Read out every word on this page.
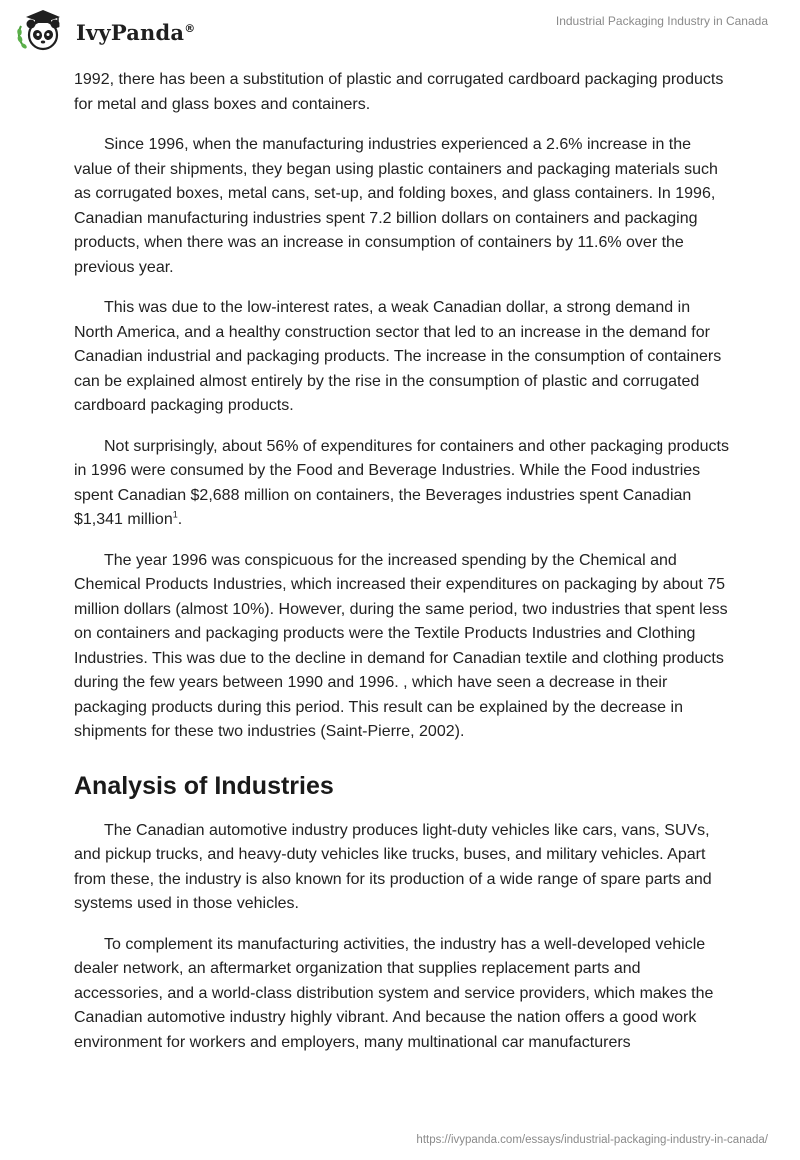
IvyPanda®	Industrial Packaging Industry in Canada

1992, there has been a substitution of plastic and corrugated cardboard packaging products for metal and glass boxes and containers.

Since 1996, when the manufacturing industries experienced a 2.6% increase in the value of their shipments, they began using plastic containers and packaging materials such as corrugated boxes, metal cans, set-up, and folding boxes, and glass containers. In 1996, Canadian manufacturing industries spent 7.2 billion dollars on containers and packaging products, when there was an increase in consumption of containers by 11.6% over the previous year.

This was due to the low-interest rates, a weak Canadian dollar, a strong demand in North America, and a healthy construction sector that led to an increase in the demand for Canadian industrial and packaging products. The increase in the consumption of containers can be explained almost entirely by the rise in the consumption of plastic and corrugated cardboard packaging products.

Not surprisingly, about 56% of expenditures for containers and other packaging products in 1996 were consumed by the Food and Beverage Industries. While the Food industries spent Canadian $2,688 million on containers, the Beverages industries spent Canadian $1,341 million$^1$.

The year 1996 was conspicuous for the increased spending by the Chemical and Chemical Products Industries, which increased their expenditures on packaging by about 75 million dollars (almost 10%). However, during the same period, two industries that spent less on containers and packaging products were the Textile Products Industries and Clothing Industries. This was due to the decline in demand for Canadian textile and clothing products during the few years between 1990 and 1996. , which have seen a decrease in their packaging products during this period. This result can be explained by the decrease in shipments for these two industries (Saint-Pierre, 2002).

Analysis of Industries

The Canadian automotive industry produces light-duty vehicles like cars, vans, SUVs, and pickup trucks, and heavy-duty vehicles like trucks, buses, and military vehicles. Apart from these, the industry is also known for its production of a wide range of spare parts and systems used in those vehicles.

To complement its manufacturing activities, the industry has a well-developed vehicle dealer network, an aftermarket organization that supplies replacement parts and accessories, and a world-class distribution system and service providers, which makes the Canadian automotive industry highly vibrant. And because the nation offers a good work environment for workers and employers, many multinational car manufacturers

https://ivypanda.com/essays/industrial-packaging-industry-in-canada/
